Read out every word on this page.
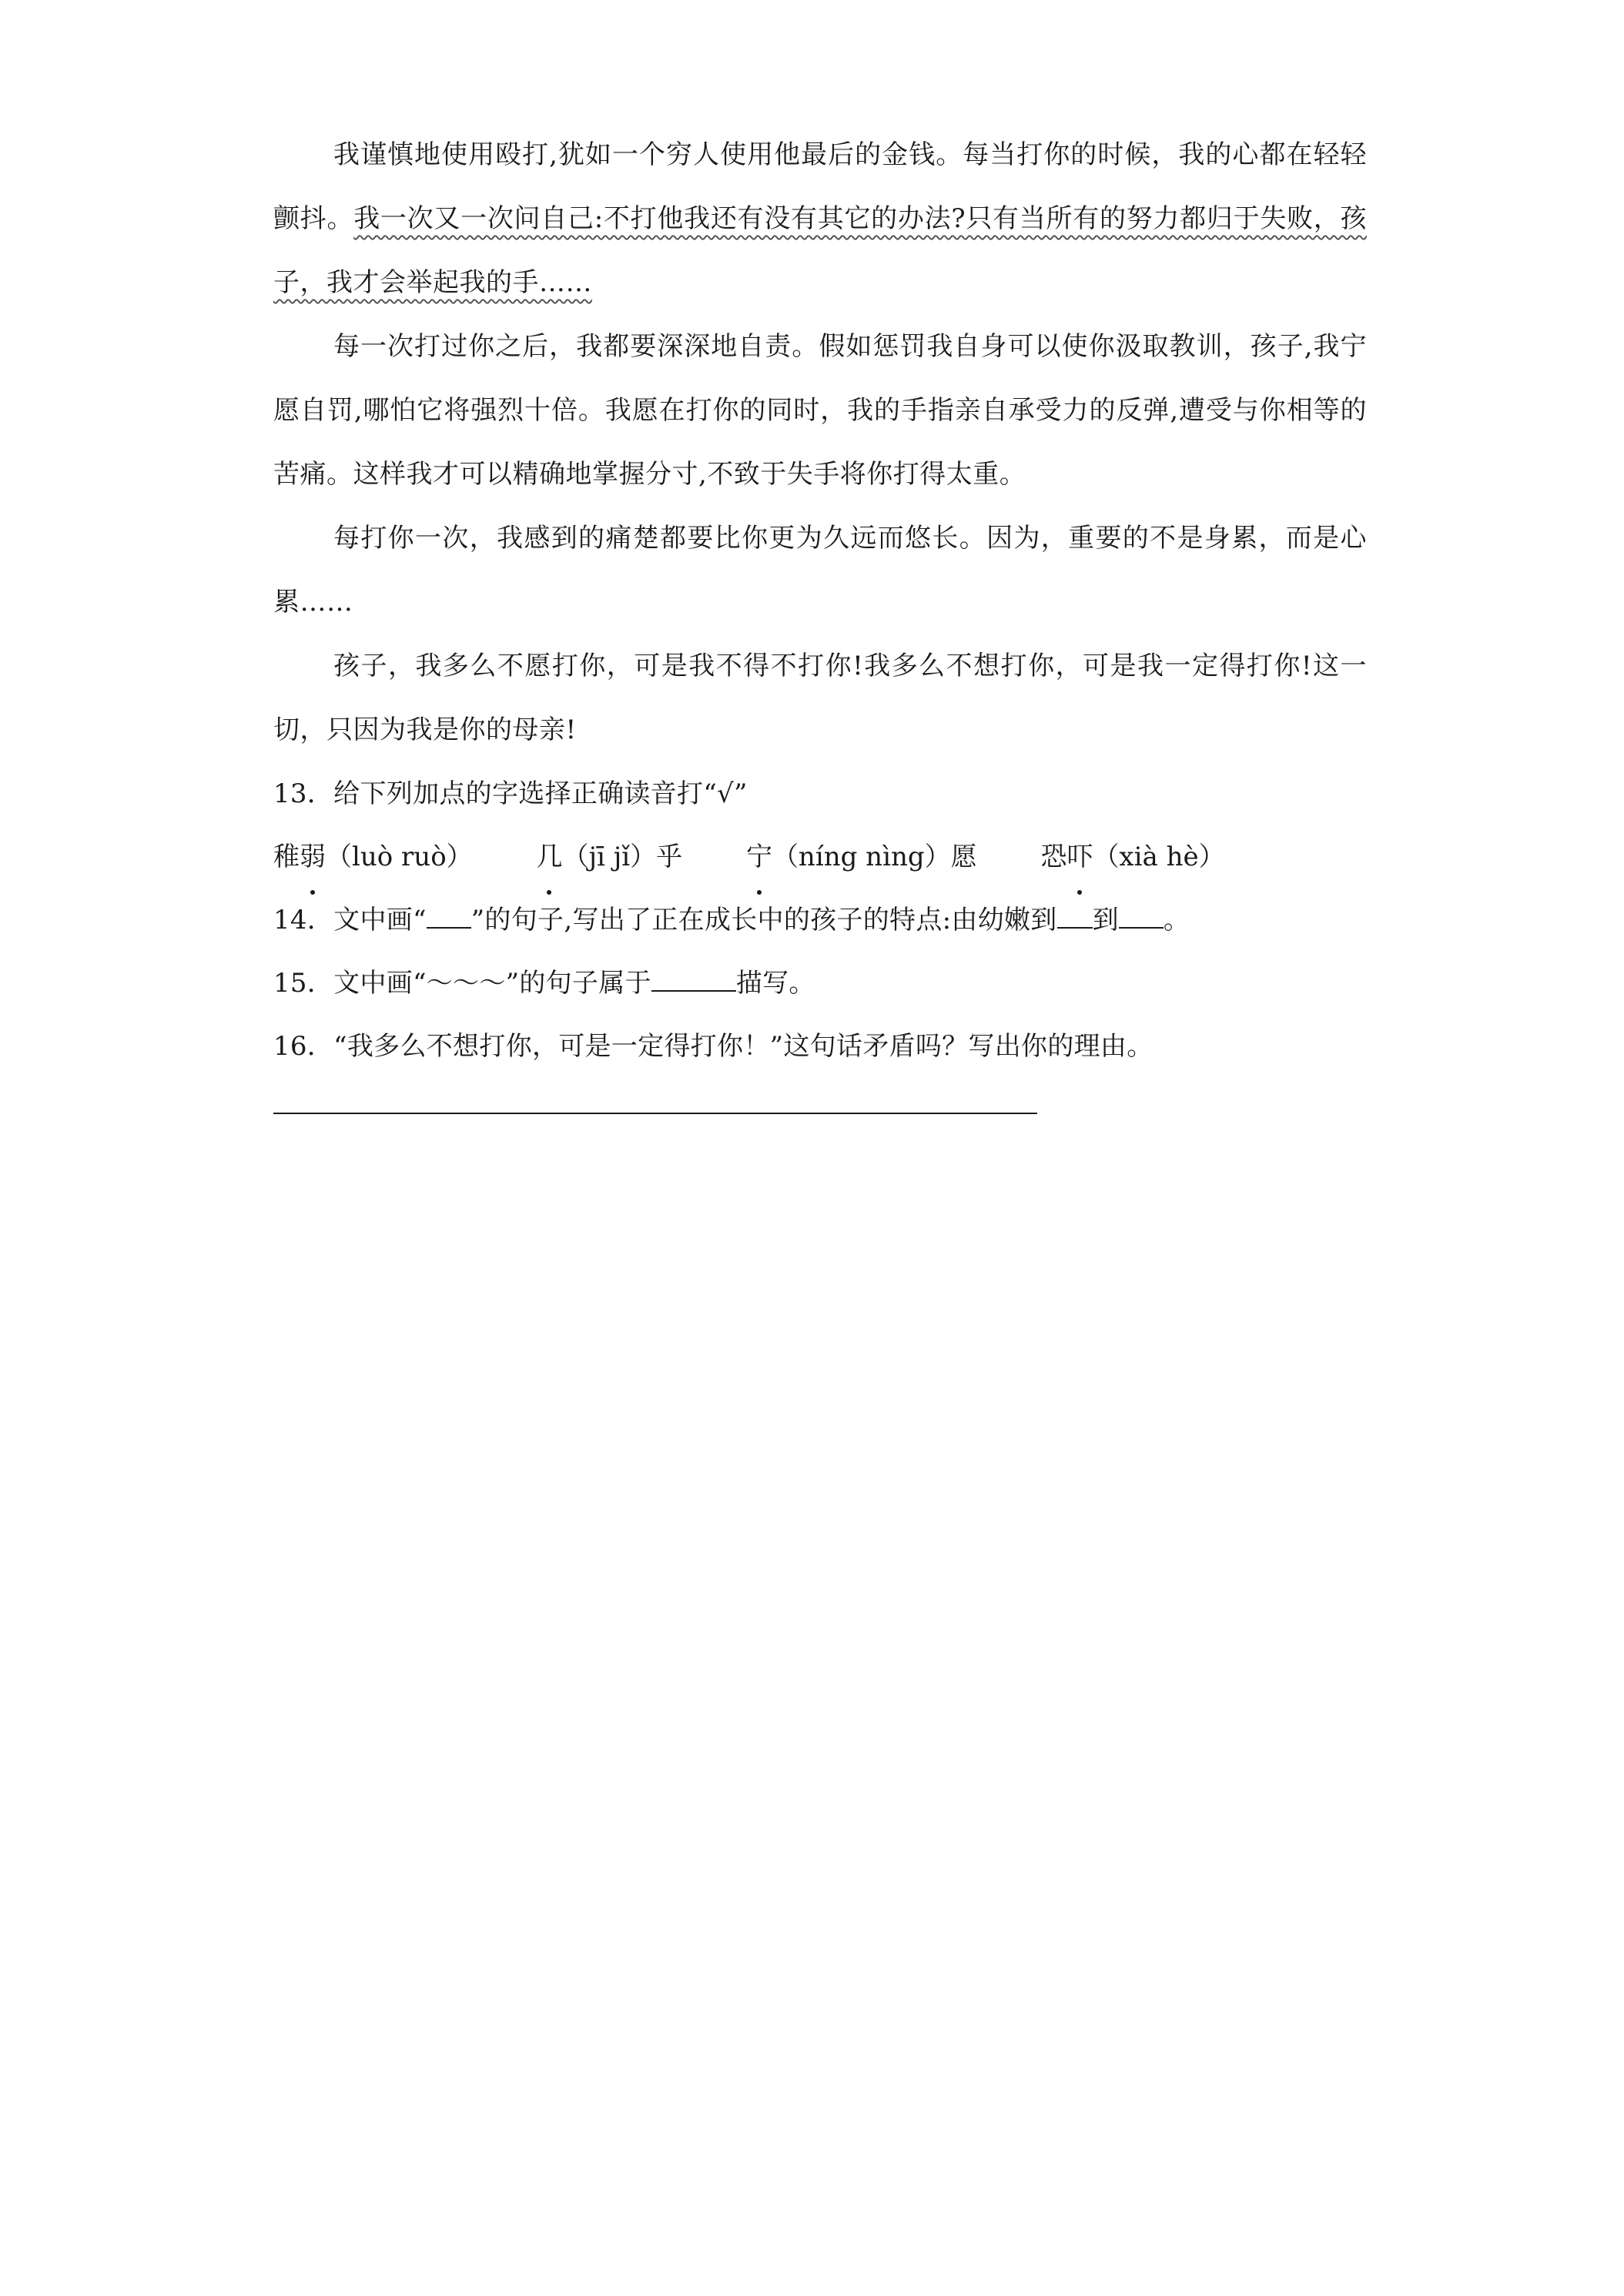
我谨慎地使用殴打,犹如一个穷人使用他最后的金钱。每当打你的时候，我的心都在轻轻颤抖。我一次又一次问自己:不打他我还有没有其它的办法?只有当所有的努力都归于失败，孩子，我才会举起我的手……

每一次打过你之后，我都要深深地自责。假如惩罚我自身可以使你汲取教训，孩子,我宁愿自罚,哪怕它将强烈十倍。我愿在打你的同时，我的手指亲自承受力的反弹,遭受与你相等的苦痛。这样我才可以精确地掌握分寸,不致于失手将你打得太重。

每打你一次，我感到的痛楚都要比你更为久远而悠长。因为，重要的不是身累，而是心累……

孩子，我多么不愿打你，可是我不得不打你!我多么不想打你，可是我一定得打你!这一切，只因为我是你的母亲!

13．给下列加点的字选择正确读音打“√”

稚弱（luò ruò） 几（jī jǐ）乎 宁（níng nìng）愿 恐吓（xià hè）

14．文中画“ ”的句子,写出了正在成长中的孩子的特点:由幼嫩到 到 。

15．文中画“～～～”的句子属于	描写。

16．“我多么不想打你，可是一定得打你！”这句话矛盾吗？写出你的理由。
